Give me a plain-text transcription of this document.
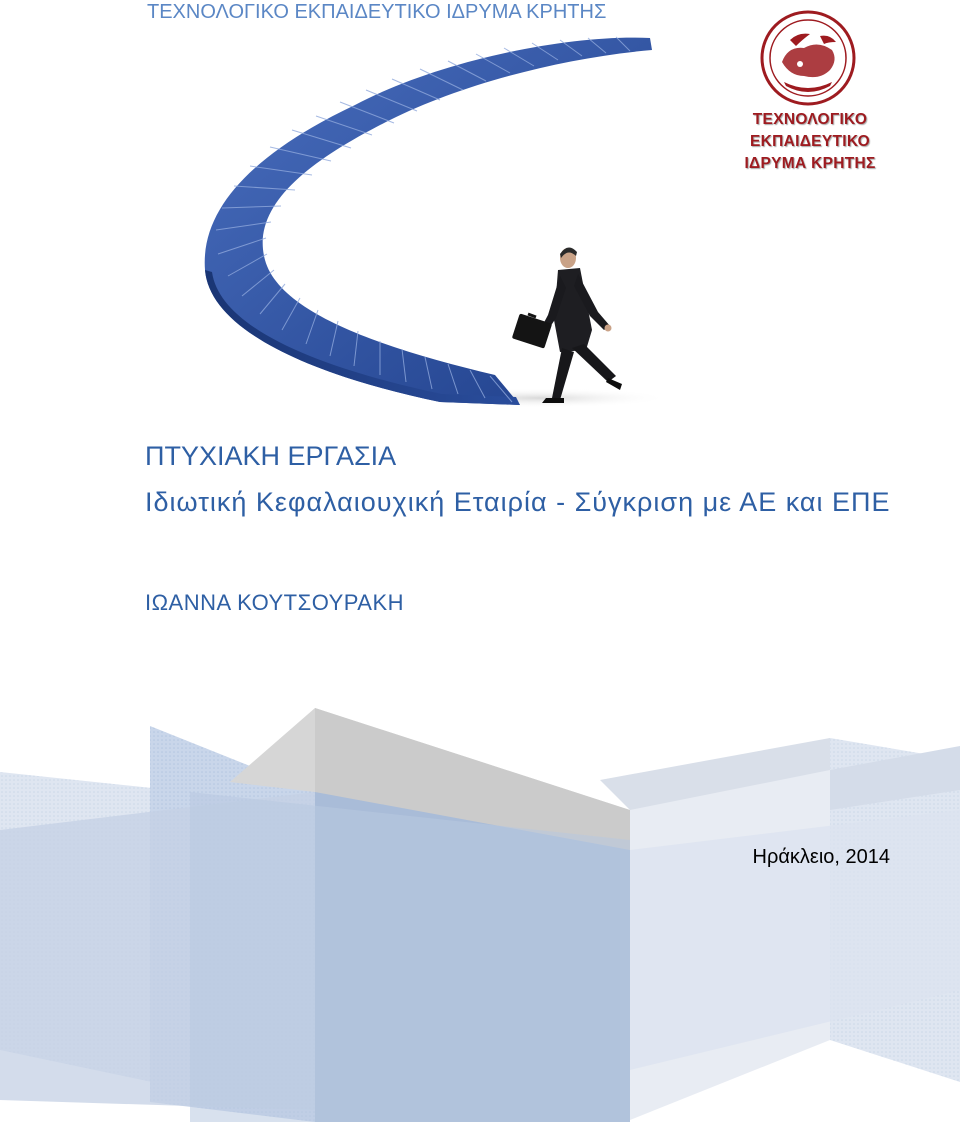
ΤΕΧΝΟΛΟΓΙΚΟ ΕΚΠΑΙΔΕΥΤΙΚΟ ΙΔΡΥΜΑ ΚΡΗΤΗΣ
ΤΕΧΝΟΛΟΓΙΚΟ
ΕΚΠΑΙΔΕΥΤΙΚΟ
ΙΔΡΥΜΑ ΚΡΗΤΗΣ
ΠΤΥΧΙΑΚΗ ΕΡΓΑΣΙΑ
Ιδιωτική Κεφαλαιουχική Εταιρία - Σύγκριση με ΑΕ και ΕΠΕ
ΙΩΑΝΝΑ ΚΟΥΤΣΟΥΡΑΚΗ
Ηράκλειο, 2014
